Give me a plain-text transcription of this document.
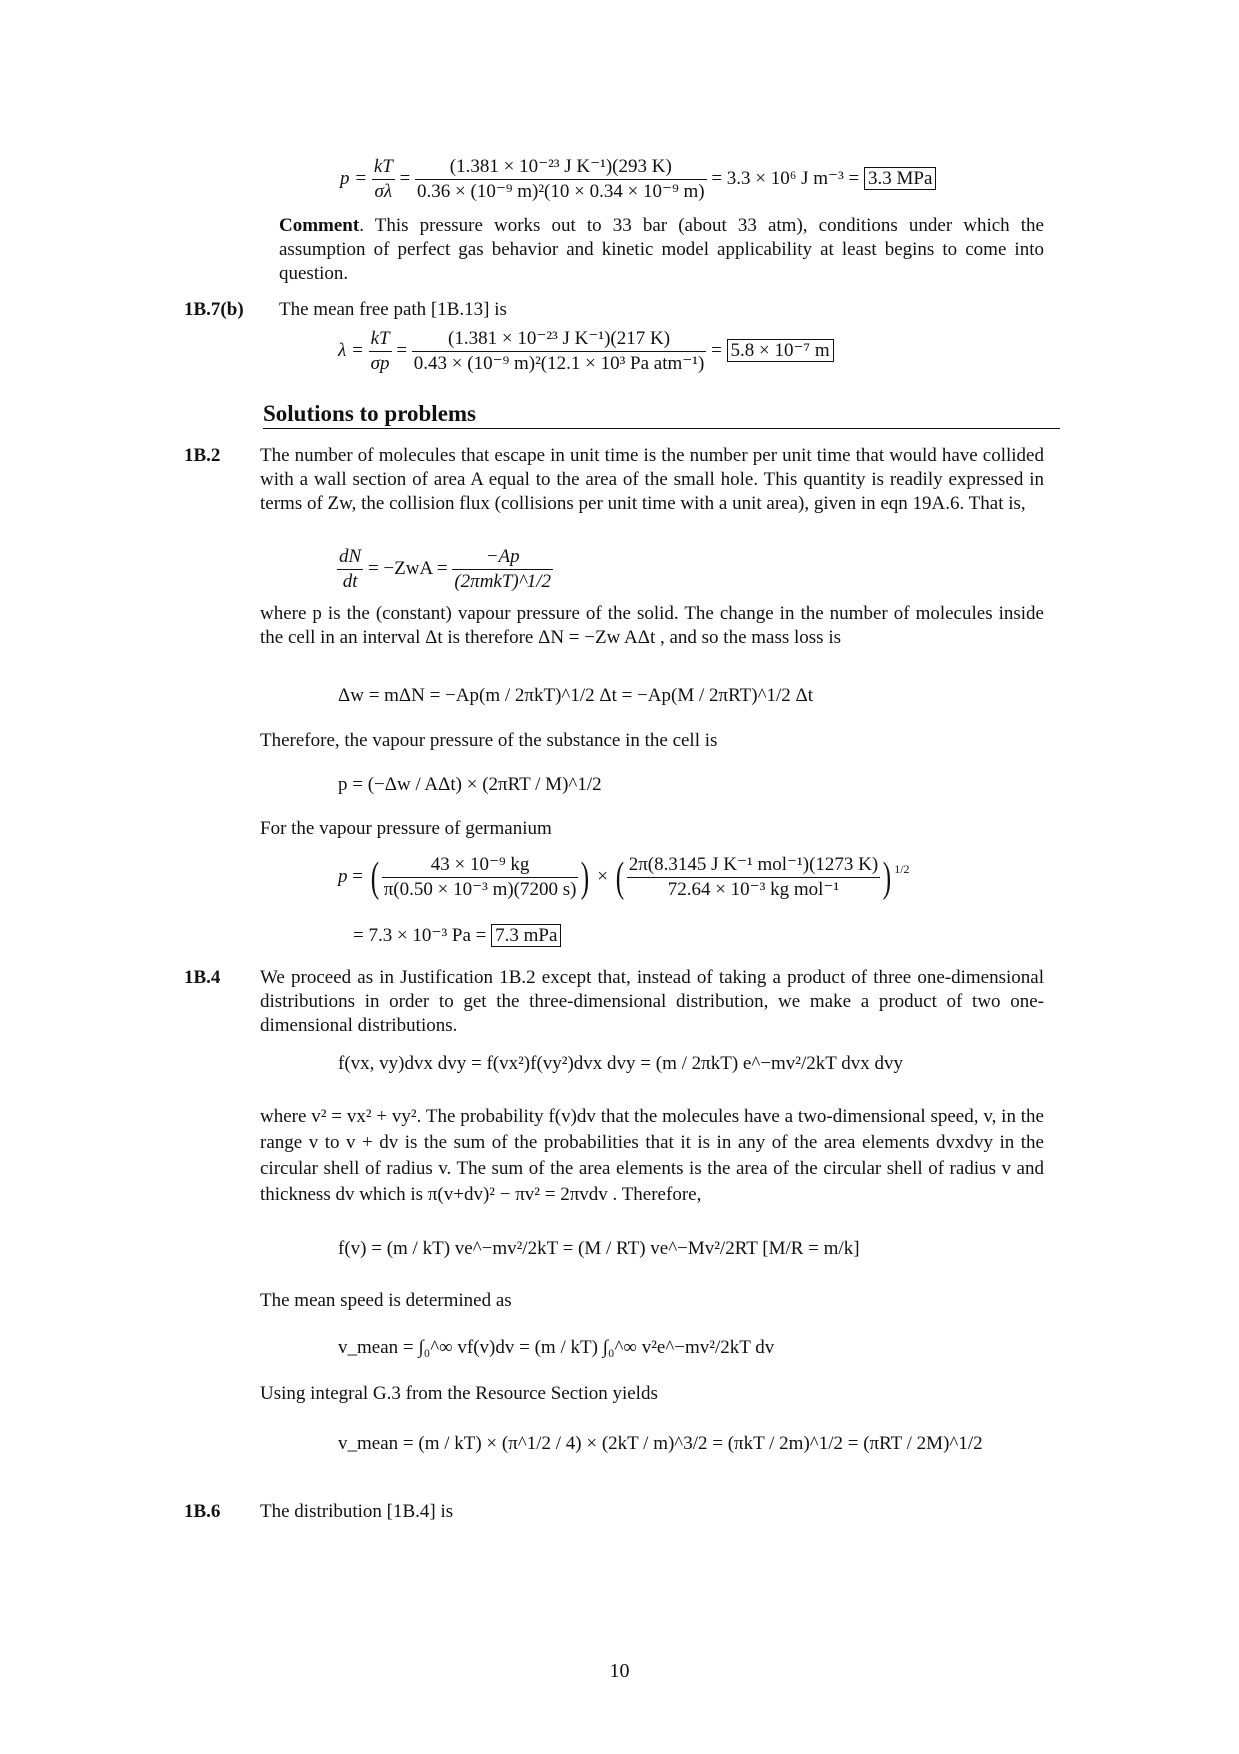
$p = \frac{kT}{\sigma\lambda} = \frac{\text{(1.381 × 10⁻²³ J K⁻¹)(293 K)}}{\text{0.36 × (10⁻⁹ m)²(10 × 0.34 × 10⁻⁹ m)}} = 3.3 \times 10^6$ J m⁻³ = 3.3 MPa
Comment. This pressure works out to 33 bar (about 33 atm), conditions under which the assumption of perfect gas behavior and kinetic model applicability at least begins to come into question.
1B.7(b) The mean free path [1B.13] is
$\lambda = \frac{kT}{\sigma p} = \frac{\text{(1.381 × 10⁻²³ J K⁻¹)(217 K)}}{\text{0.43 × (10⁻⁹ m)²(12.1 × 10³ Pa atm⁻¹)}} = 5.8 \times 10^{-7}$ m
Solutions to problems
1B.2 The number of molecules that escape in unit time is the number per unit time that would have collided with a wall section of area A equal to the area of the small hole. This quantity is readily expressed in terms of Zw, the collision flux (collisions per unit time with a unit area), given in eqn 19A.6. That is,
$\frac{dN}{dt} = -ZwA = \frac{-Ap}{\text{(2πmkT)\textasciicircum{}1/2}}$
where p is the (constant) vapour pressure of the solid. The change in the number of molecules inside the cell in an interval Δt is therefore ΔN = −Zw AΔt , and so the mass loss is
Δw = mΔN = −Ap(m / 2πkT)^1/2 Δt = −Ap(M / 2πRT)^1/2 Δt
Therefore, the vapour pressure of the substance in the cell is
p = (−Δw / AΔt) × (2πRT / M)^1/2
For the vapour pressure of germanium
p = ( $\frac{\text{43 × 10⁻⁹ kg}}{\text{π(0.50 × 10⁻³ m)(7200 s)}}$ ) × ( $\frac{\text{2π(8.3145 J K⁻¹ mol⁻¹)(1273 K)}}{\text{72.64 × 10⁻³ kg mol⁻¹}}$ ) $^{1/2}$
= 7.3 × 10⁻³ Pa = 7.3 mPa
1B.4 We proceed as in Justification 1B.2 except that, instead of taking a product of three one-dimensional distributions in order to get the three-dimensional distribution, we make a product of two one-dimensional distributions.
f(vx, vy)dvx dvy = f(vx²)f(vy²)dvx dvy = (m / 2πkT) e^−mv²/2kT dvx dvy
where v² = vx² + vy². The probability f(v)dv that the molecules have a two-dimensional speed, v, in the range v to v + dv is the sum of the probabilities that it is in any of the area elements dvxdvy in the circular shell of radius v. The sum of the area elements is the area of the circular shell of radius v and thickness dv which is π(v+dv)² − πv² = 2πvdv . Therefore,
f(v) = (m / kT) ve^−mv²/2kT = (M / RT) ve^−Mv²/2RT [M/R = m/k]
The mean speed is determined as
v_mean = ∫₀^∞ vf(v)dv = (m / kT) ∫₀^∞ v²e^−mv²/2kT dv
Using integral G.3 from the Resource Section yields
v_mean = (m / kT) × (π^1/2 / 4) × (2kT / m)^3/2 = (πkT / 2m)^1/2 = (πRT / 2M)^1/2
1B.6 The distribution [1B.4] is
10
